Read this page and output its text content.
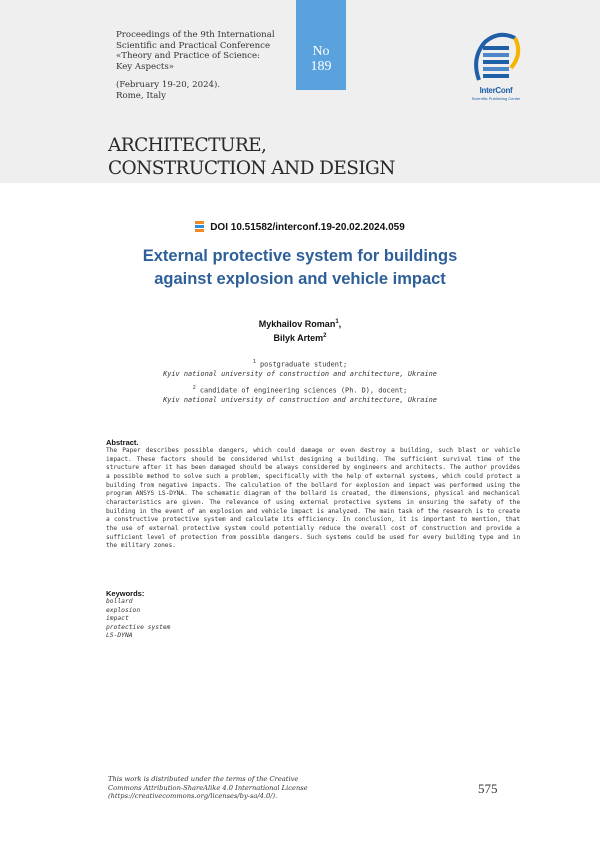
Proceedings of the 9th International
Scientific and Practical Conference
«Theory and Practice of Science:
Key Aspects»
(February 19-20, 2024).
Rome, Italy
No
189
InterConf
Scientific Publishing Center
ARCHITECTURE,
CONSTRUCTION AND DESIGN
DOI 10.51582/interconf.19-20.02.2024.059
External protective system for buildings
against explosion and vehicle impact
Mykhailov Roman$^1$,
Bilyk Artem$^2$
$^1$ postgraduate student;
Kyiv national university of construction and architecture, Ukraine
$^2$ candidate of engineering sciences (Ph. D), docent;
Kyiv national university of construction and architecture, Ukraine
Abstract.
The Paper describes possible dangers, which could damage or even destroy a building, such blast or vehicle impact. These factors should be considered whilst designing a building. The sufficient survival time of the structure after it has been damaged should be always considered by engineers and architects. The author provides a possible method to solve such a problem, specifically with the help of external systems, which could protect a building from negative impacts. The calculation of the bollard for explosion and impact was performed using the program ANSYS LS-DYNA. The schematic diagram of the bollard is created, the dimensions, physical and mechanical characteristics are given. The relevance of using external protective systems in ensuring the safety of the building in the event of an explosion and vehicle impact is analyzed. The main task of the research is to create a constructive protective system and calculate its efficiency. In conclusion, it is important to mention, that the use of external protective system could potentially reduce the overall cost of construction and provide a sufficient level of protection from possible dangers. Such systems could be used for every building type and in the military zones.
Keywords:
bollard
explosion
impact
protective system
LS-DYNA
This work is distributed under the terms of the Creative
Commons Attribution-ShareAlike 4.0 International License
(https://creativecommons.org/licenses/by-sa/4.0/).
575
